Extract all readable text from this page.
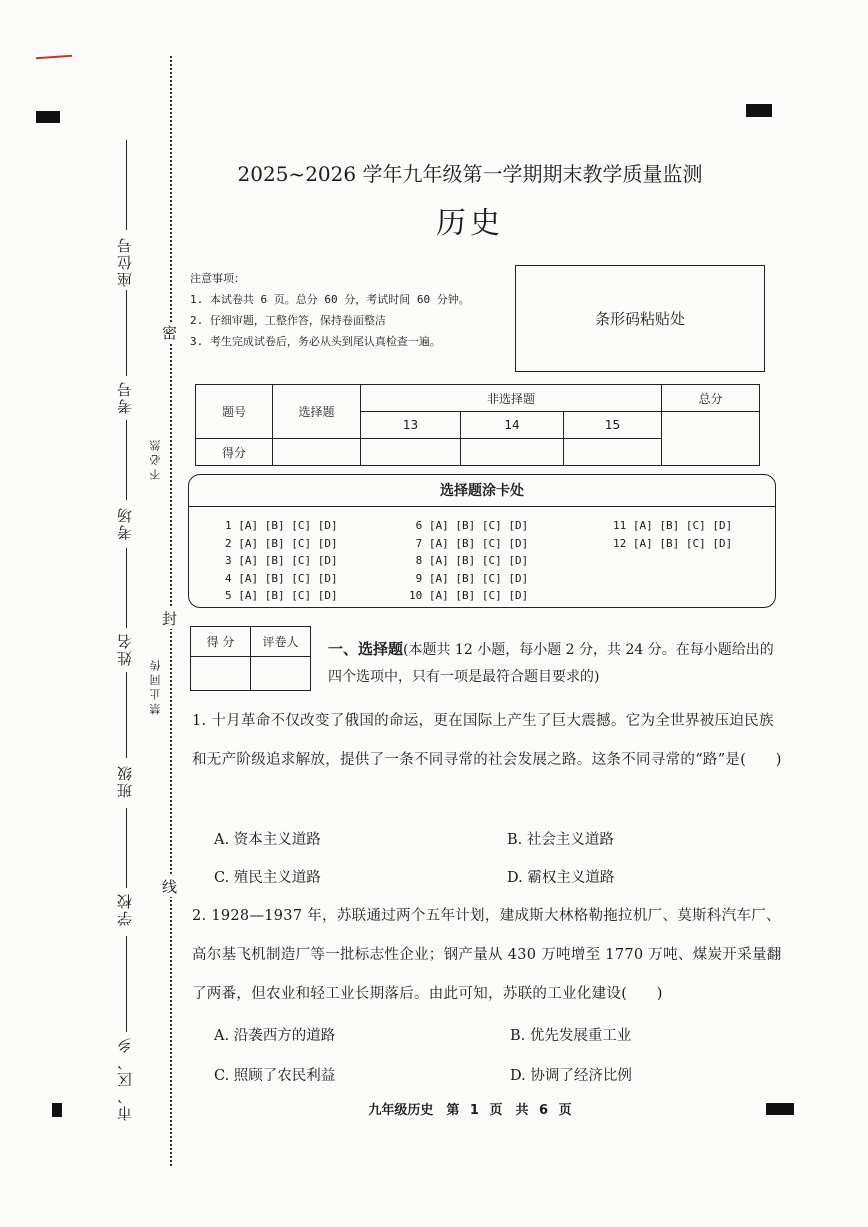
座位号
考号
考场
姓名
班级
学校
市、区、乡
密
封
线
不 必 然
禁 止 同 传
2025~2026 学年九年级第一学期期末教学质量监测
历史
注意事项：
1. 本试卷共 6 页。总分 60 分，考试时间 60 分钟。
2. 仔细审题，工整作答，保持卷面整洁
3. 考生完成试卷后，务必从头到尾认真检查一遍。
条形码粘贴处
题号	选择题	非选择题			总分
		13	14	15	
得分					
选择题涂卡处
1 [A] [B] [C] [D]
2 [A] [B] [C] [D]
3 [A] [B] [C] [D]
4 [A] [B] [C] [D]
5 [A] [B] [C] [D]
6 [A] [B] [C] [D]
7 [A] [B] [C] [D]
8 [A] [B] [C] [D]
9 [A] [B] [C] [D]
10 [A] [B] [C] [D]
11 [A] [B] [C] [D]
12 [A] [B] [C] [D]
得 分	评卷人
	一、选择题(本题共 12 小题，每小题 2 分，共 24 分。在每小题给出的四个选项中，只有一项是最符合题目要求的)
1. 十月革命不仅改变了俄国的命运，更在国际上产生了巨大震撼。它为全世界被压迫民族和无产阶级追求解放，提供了一条不同寻常的社会发展之路。这条不同寻常的“路”是(　　)
A. 资本主义道路	B. 社会主义道路
C. 殖民主义道路	D. 霸权主义道路
2. 1928—1937 年，苏联通过两个五年计划，建成斯大林格勒拖拉机厂、莫斯科汽车厂、高尔基飞机制造厂等一批标志性企业；钢产量从 430 万吨增至 1770 万吨、煤炭开采量翻了两番，但农业和轻工业长期落后。由此可知，苏联的工业化建设(　　)
A. 沿袭西方的道路	B. 优先发展重工业
C. 照顾了农民利益	D. 协调了经济比例
九年级历史　第 1 页　共 6 页
